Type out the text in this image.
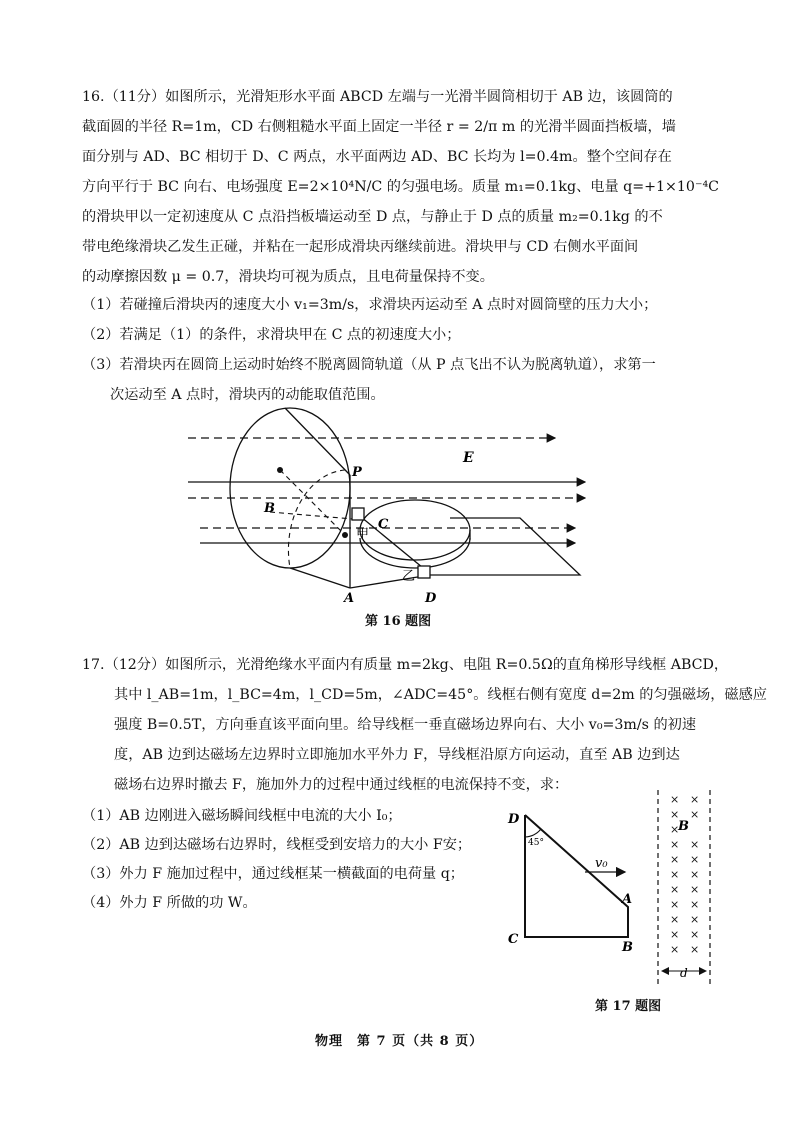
16.（11分）如图所示，光滑矩形水平面 ABCD 左端与一光滑半圆筒相切于 AB 边，该圆筒的
截面圆的半径 R=1m，CD 右侧粗糙水平面上固定一半径 r = 2/π m 的光滑半圆面挡板墙，墙
面分别与 AD、BC 相切于 D、C 两点，水平面两边 AD、BC 长均为 l=0.4m。整个空间存在
方向平行于 BC 向右、电场强度 E=2×10⁴N/C 的匀强电场。质量 m₁=0.1kg、电量 q=+1×10⁻⁴C
的滑块甲以一定初速度从 C 点沿挡板墙运动至 D 点，与静止于 D 点的质量 m₂=0.1kg 的不
带电绝缘滑块乙发生正碰，并粘在一起形成滑块丙继续前进。滑块甲与 CD 右侧水平面间
的动摩擦因数 μ = 0.7，滑块均可视为质点，且电荷量保持不变。
（1）若碰撞后滑块丙的速度大小 v₁=3m/s，求滑块丙运动至 A 点时对圆筒壁的压力大小；
（2）若满足（1）的条件，求滑块甲在 C 点的初速度大小；
（3）若滑块丙在圆筒上运动时始终不脱离圆筒轨道（从 P 点飞出不认为脱离轨道），求第一
次运动至 A 点时，滑块丙的动能取值范围。
E
P
B
C
甲
乙
A	D
第 16 题图
17.（12分）如图所示，光滑绝缘水平面内有质量 m=2kg、电阻 R=0.5Ω的直角梯形导线框 ABCD，
其中 l_AB=1m，l_BC=4m，l_CD=5m，∠ADC=45°。线框右侧有宽度 d=2m 的匀强磁场，磁感应
强度 B=0.5T，方向垂直该平面向里。给导线框一垂直磁场边界向右、大小 v₀=3m/s 的初速
度，AB 边到达磁场左边界时立即施加水平外力 F，导线框沿原方向运动，直至 AB 边到达
磁场右边界时撤去 F，施加外力的过程中通过线框的电流保持不变，求：
（1）AB 边刚进入磁场瞬间线框中电流的大小 I₀；
（2）AB 边到达磁场右边界时，线框受到安培力的大小 F安；
（3）外力 F 施加过程中，通过线框某一横截面的电荷量 q；
（4）外力 F 所做的功 W。
× ×
× ×
×
× ×
× ×
× ×
× ×
× ×
× ×
× ×
× ×
D
45°
v₀
A
C
B
B
d
第 17 题图
物理　第 7 页（共 8 页）
